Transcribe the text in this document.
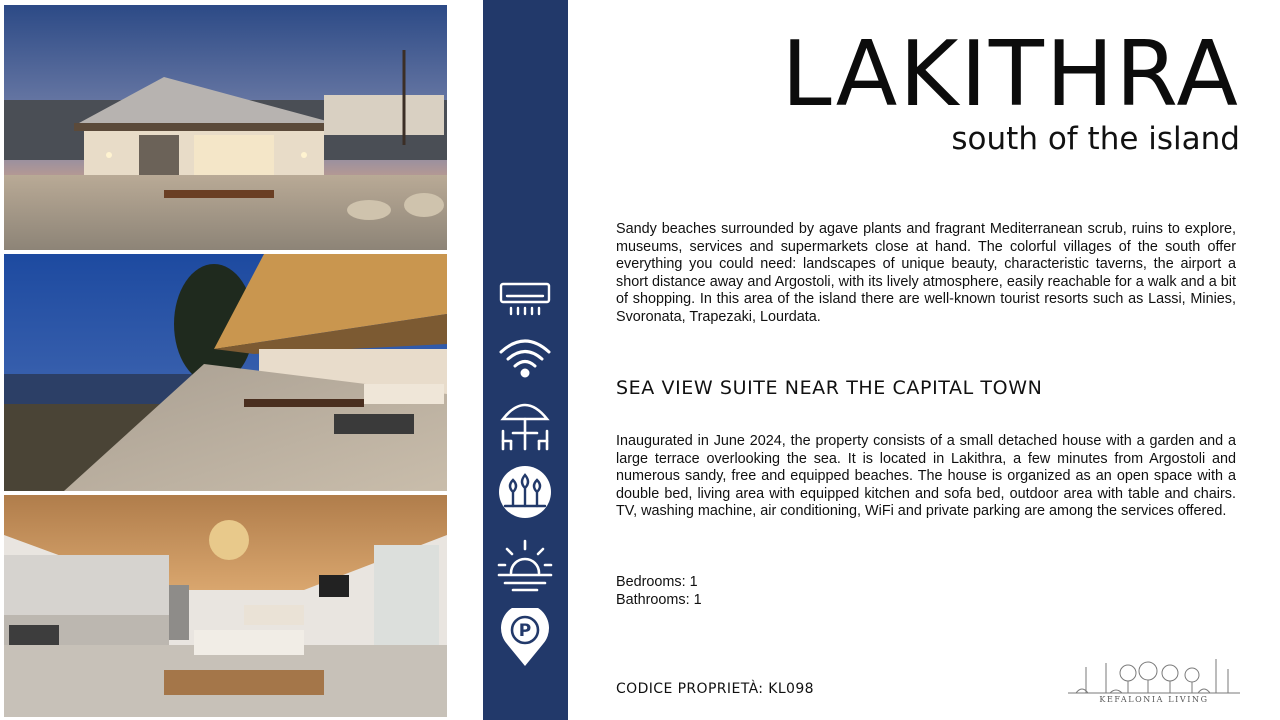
P
LAKITHRA
south of the island
Sandy beaches surrounded by agave plants and fragrant Mediterranean scrub, ruins to explore, museums, services and supermarkets close at hand. The colorful villages of the south offer everything you could need: landscapes of unique beauty, characteristic taverns, the airport a short distance away and Argostoli, with its lively atmosphere, easily reachable for a walk and a bit of shopping. In this area of the island there are well-known tourist resorts such as Lassi, Minies, Svoronata, Trapezaki, Lourdata.
SEA VIEW SUITE NEAR THE CAPITAL TOWN
Inaugurated in June 2024, the property consists of a small detached house with a garden and a large terrace overlooking the sea. It is located in Lakithra, a few minutes from Argostoli and numerous sandy, free and equipped beaches. The house is organized as an open space with a double bed, living area with equipped kitchen and sofa bed, outdoor area with table and chairs. TV, washing machine, air conditioning, WiFi and private parking are among the services offered.
Bedrooms: 1
Bathrooms: 1
CODICE PROPRIETÀ: KL098
KEFALONIA LIVING
